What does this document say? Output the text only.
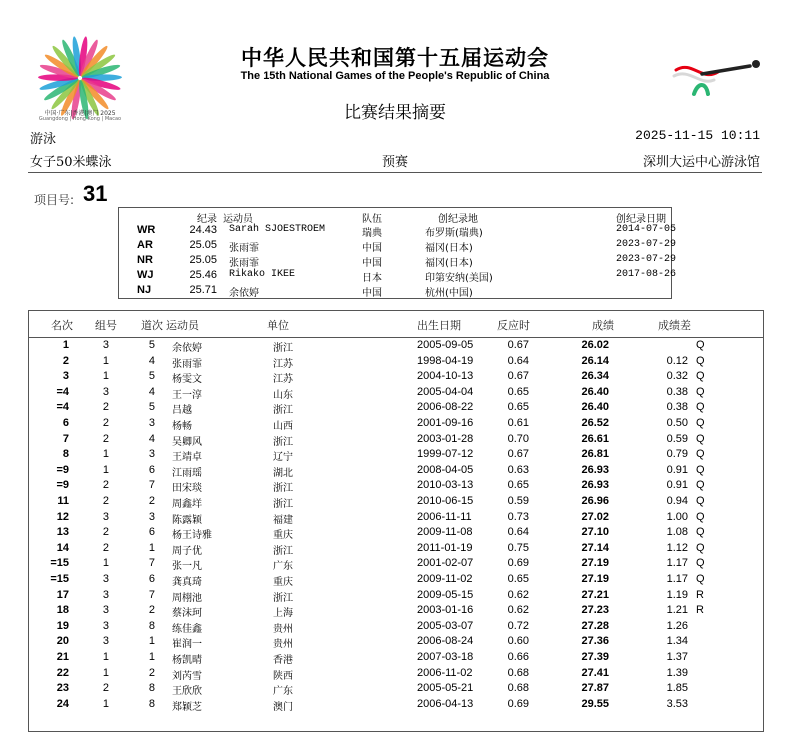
中国·广东|香港|澳门 2025
Guangdong | Hong Kong | Macao
中华人民共和国第十五届运动会
The 15th National Games of the People's Republic of China
比赛结果摘要
游泳	2025-11-15 10:11
女子50米蝶泳	预赛	深圳大运中心游泳馆
项目号: 31
纪录 运动员	队伍	创纪录地	创纪录日期
WR	24.43 Sarah SJOESTROEM	瑞典	布罗斯(瑞典)	2014-07-05
AR	25.05 张雨霏	中国	福冈(日本)	2023-07-29
NR	25.05 张雨霏	中国	福冈(日本)	2023-07-29
WJ	25.46 Rikako IKEE	日本	印第安纳(美国)	2017-08-26
NJ	25.71 余依婷	中国	杭州(中国)
名次 组号 道次 运动员	单位	出生日期	反应时	成绩	成绩差
1	3	5 余依婷	浙江	2005-09-05	0.67	26.02	Q
2	1	4 张雨霏	江苏	1998-04-19	0.64	26.14	0.12 Q
3	1	5 杨雯文	江苏	2004-10-13	0.67	26.34	0.32 Q
=4	3	4 王一淳	山东	2005-04-04	0.65	26.40	0.38 Q
=4	2	5 吕越	浙江	2006-08-22	0.65	26.40	0.38 Q
6	2	3 杨畅	山西	2001-09-16	0.61	26.52	0.50 Q
7	2	4 吴卿风	浙江	2003-01-28	0.70	26.61	0.59 Q
8	1	3 王靖卓	辽宁	1999-07-12	0.67	26.81	0.79 Q
=9	1	6 江雨瑶	湖北	2008-04-05	0.63	26.93	0.91 Q
=9	2	7 田宋琰	浙江	2010-03-13	0.65	26.93	0.91 Q
11	2	2 周鑫垟	浙江	2010-06-15	0.59	26.96	0.94 Q
12	3	3 陈露颖	福建	2006-11-11	0.73	27.02	1.00 Q
13	2	6 杨王诗雅	重庆	2009-11-08	0.64	27.10	1.08 Q
14	2	1 周子优	浙江	2011-01-19	0.75	27.14	1.12 Q
=15	1	7 张一凡	广东	2001-02-07	0.69	27.19	1.17 Q
=15	3	6 龚真琦	重庆	2009-11-02	0.65	27.19	1.17 Q
17	3	7 周栩池	浙江	2009-05-15	0.62	27.21	1.19 R
18	3	2 蔡沫珂	上海	2003-01-16	0.62	27.23	1.21 R
19	3	8 练佳鑫	贵州	2005-03-07	0.72	27.28	1.26
20	3	1 崔润一	贵州	2006-08-24	0.60	27.36	1.34
21	1	1 杨凯晴	香港	2007-03-18	0.66	27.39	1.37
22	1	2 刘芮雪	陕西	2006-11-02	0.68	27.41	1.39
23	2	8 王欣欣	广东	2005-05-21	0.68	27.87	1.85
24	1	8 郑颖芝	澳门	2006-04-13	0.69	29.55	3.53
